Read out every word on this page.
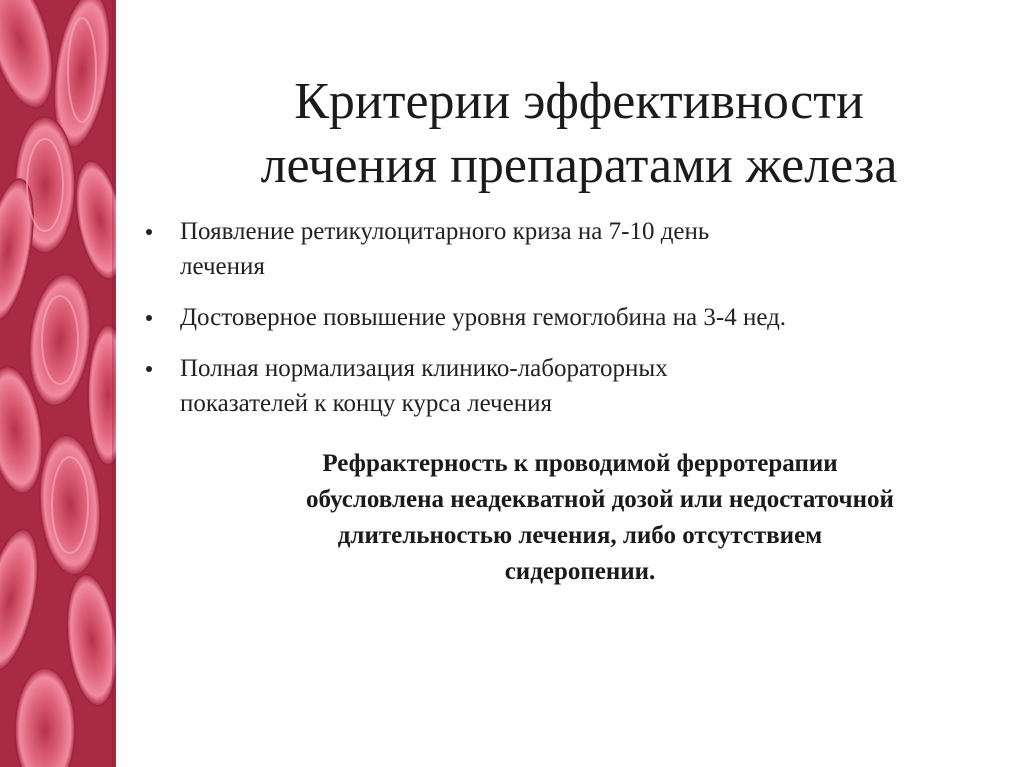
Критерии эффективности
лечения препаратами железа
Появление ретикулоцитарного криза на 7-10 день
лечения
Достоверное повышение уровня гемоглобина на 3-4 нед.
Полная нормализация клинико-лабораторных
показателей к концу курса лечения

Рефрактерность к проводимой ферротерапии
обусловлена неадекватной дозой или недостаточной
длительностью лечения, либо отсутствием
сидеропении.
